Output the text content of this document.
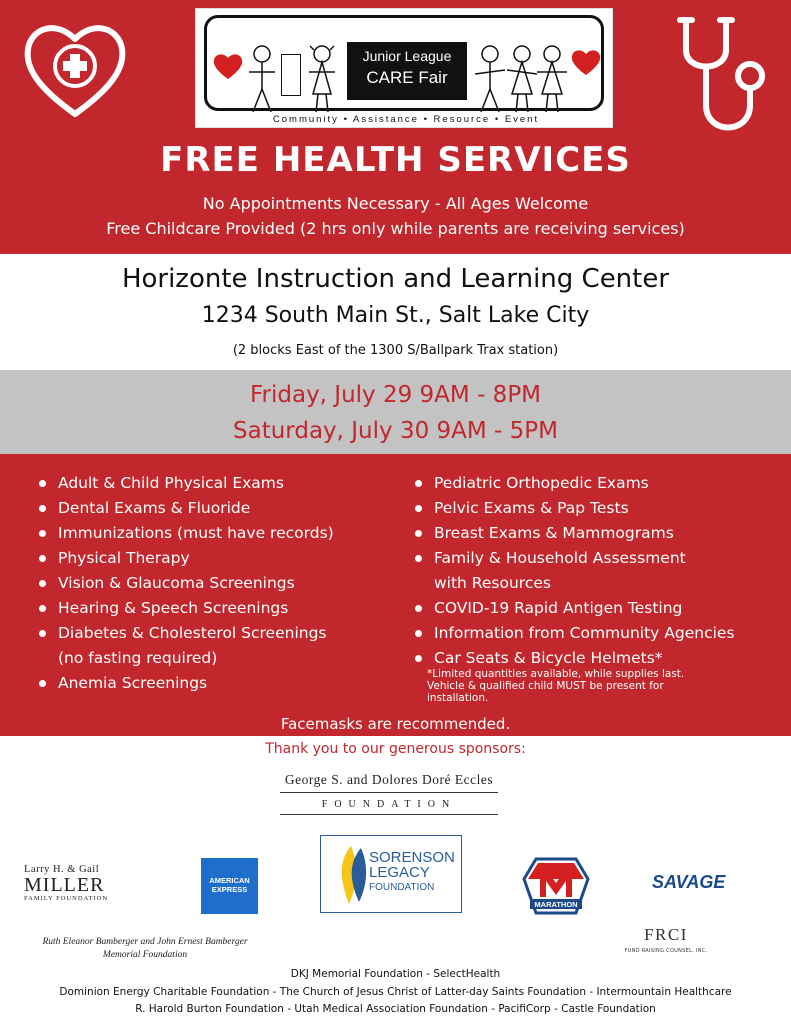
AHE FLO MR TOL
Junior League
CARE Fair
Community • Assistance • Resource • Event
FREE HEALTH SERVICES
No Appointments Necessary - All Ages Welcome
Free Childcare Provided (2 hrs only while parents are receiving services)
Horizonte Instruction and Learning Center
1234 South Main St., Salt Lake City
(2 blocks East of the 1300 S/Ballpark Trax station)
Friday, July 29 9AM - 8PM
Saturday, July 30 9AM - 5PM
Adult & Child Physical Exams
Dental Exams & Fluoride
Immunizations (must have records)
Physical Therapy
Vision & Glaucoma Screenings
Hearing & Speech Screenings
Diabetes & Cholesterol Screenings
(no fasting required)
Anemia Screenings
Pediatric Orthopedic Exams
Pelvic Exams & Pap Tests
Breast Exams & Mammograms
Family & Household Assessment
with Resources
COVID-19 Rapid Antigen Testing
Information from Community Agencies
Car Seats & Bicycle Helmets*
*Limited quantities available, while supplies last.
Vehicle & qualified child MUST be present for
installation.
Facemasks are recommended.
Thank you to our generous sponsors:
George S. and Dolores Doré Eccles
FOUNDATION
Larry H. & Gail
MILLER
FAMILY FOUNDATION
AMERICAN
EXPRESS
SORENSON
LEGACY
FOUNDATION
MARATHON
SAVAGE
FRCI
FUND RAISING COUNSEL, INC.
Ruth Eleanor Bamberger and John Ernest Bamberger
Memorial Foundation
DKJ Memorial Foundation - SelectHealth
Dominion Energy Charitable Foundation - The Church of Jesus Christ of Latter-day Saints Foundation - Intermountain Healthcare
R. Harold Burton Foundation - Utah Medical Association Foundation - PacifiCorp - Castle Foundation
